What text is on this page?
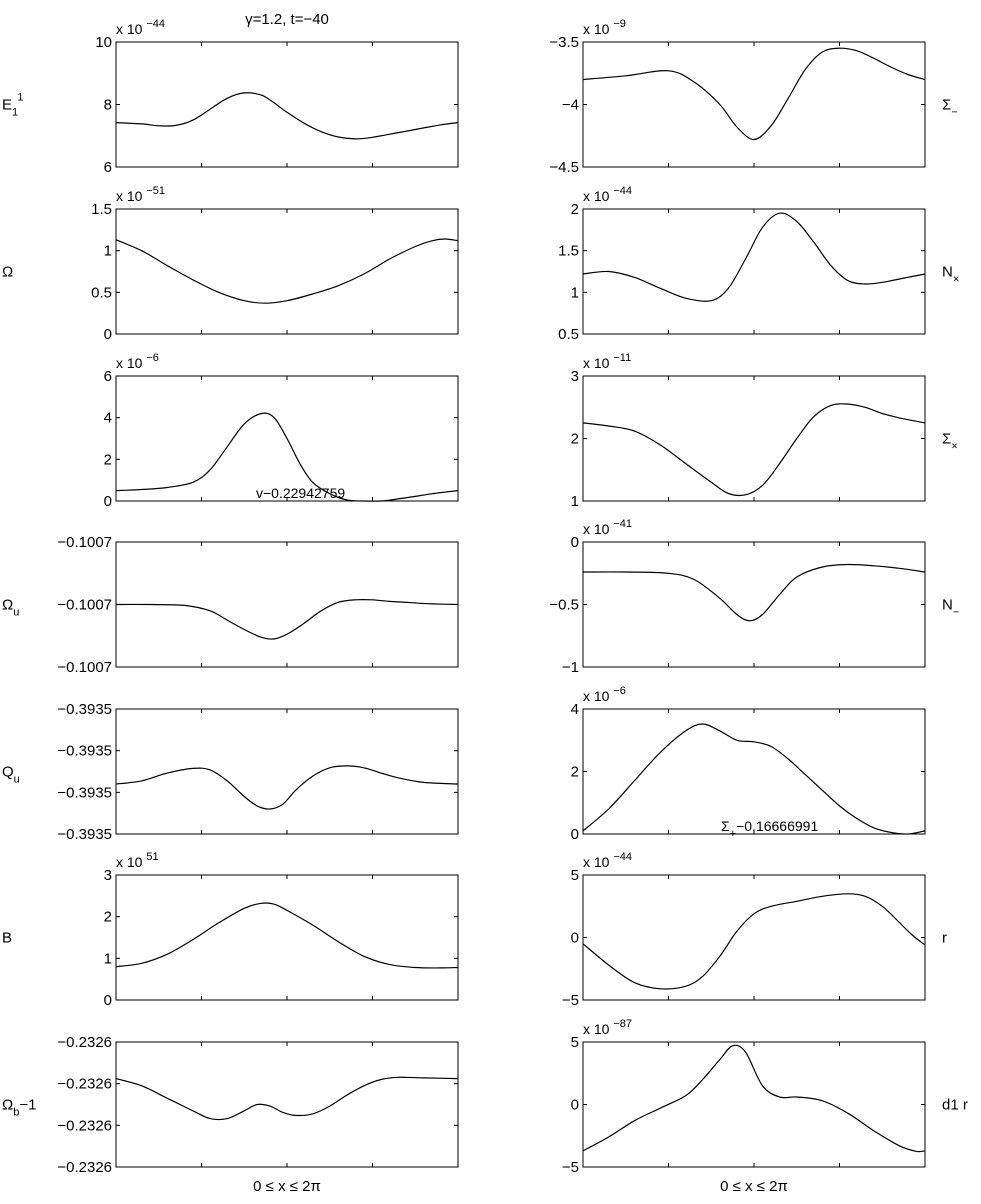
γ=1.2, t=−40
0 ≤ x ≤ 2π	0 ≤ x ≤ 2π
6
8
10
x 10 $^{-44}$
$E_1^1$
−4.5
−4
−3.5
x 10 $^{-9}$
$\Sigma_-$
0
0.5
1
1.5
x 10 $^{-51}$
Ω
0.5
1
1.5
2
x 10 $^{-44}$
$N_\times$
0
2
4
6
x 10 $^{-6}$
v−0.22942759	1
2
3
x 10 $^{-11}$
$\Sigma_\times$
−0.1007
−0.1007
−0.1007
$\Omega_u$
−1
−0.5
0
x 10 $^{-41}$
$N_-$
−0.3935
−0.3935
−0.3935
−0.3935
$Q_u$
0
2
4
x 10 $^{-6}$
$\Sigma_+-0.16666991$
0
1
2
3
x 10 $^{51}$
B
−5
0
5
x 10 $^{-44}$
r
−0.2326
−0.2326
−0.2326
−0.2326
$\Omega_b-1$
−5
0
5
x 10 $^{-87}$
d1 r
